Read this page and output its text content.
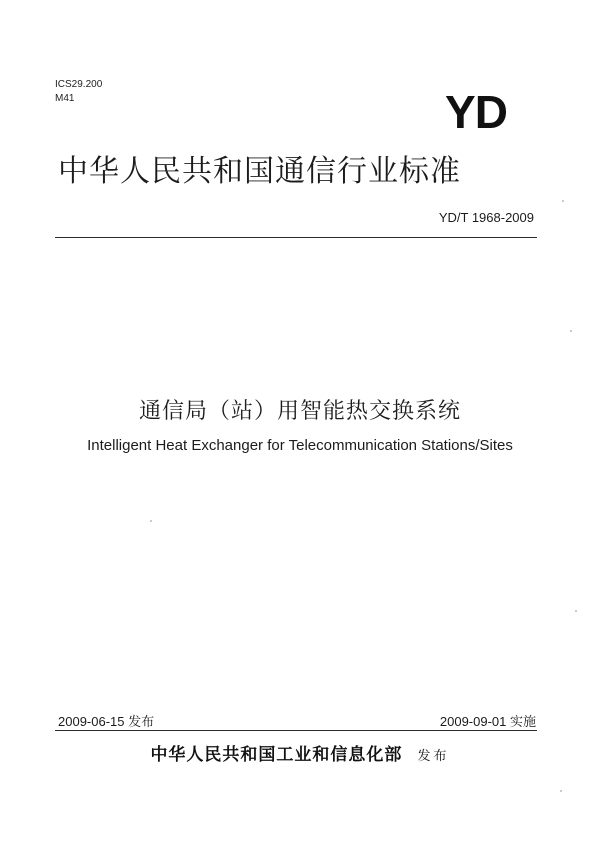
ICS29.200
M41	YD
中华人民共和国通信行业标准
YD/T 1968-2009
通信局（站）用智能热交换系统
Intelligent Heat Exchanger for Telecommunication Stations/Sites
2009-06-15 发布	2009-09-01 实施
中华人民共和国工业和信息化部 发布
